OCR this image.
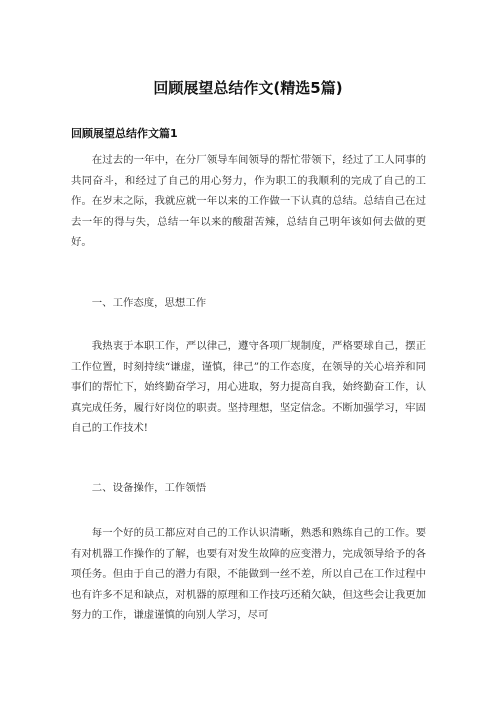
回顾展望总结作文(精选5篇)
回顾展望总结作文篇1

在过去的一年中，在分厂领导车间领导的帮忙带领下，经过了工人同事的共同奋斗，和经过了自己的用心努力，作为职工的我顺利的完成了自己的工作。在岁末之际，我就应就一年以来的工作做一下认真的总结。总结自己在过去一年的得与失，总结一年以来的酸甜苦辣，总结自己明年该如何去做的更好。

一、工作态度，思想工作

我热衷于本职工作，严以律己，遵守各项厂规制度，严格要球自己，摆正工作位置，时刻持续“谦虚，谨慎，律己”的工作态度，在领导的关心培养和同事们的帮忙下，始终勤奋学习，用心进取，努力提高自我，始终勤奋工作，认真完成任务，履行好岗位的职责。坚持理想，坚定信念。不断加强学习，牢固自己的工作技术!

二、设备操作，工作领悟

每一个好的员工都应对自己的工作认识清晰，熟悉和熟练自己的工作。要有对机器工作操作的了解，也要有对发生故障的应变潜力，完成领导给予的各项任务。但由于自己的潜力有限，不能做到一丝不差，所以自己在工作过程中也有许多不足和缺点，对机器的原理和工作技巧还稍欠缺，但这些会让我更加努力的工作，谦虚谨慎的向别人学习，尽可
